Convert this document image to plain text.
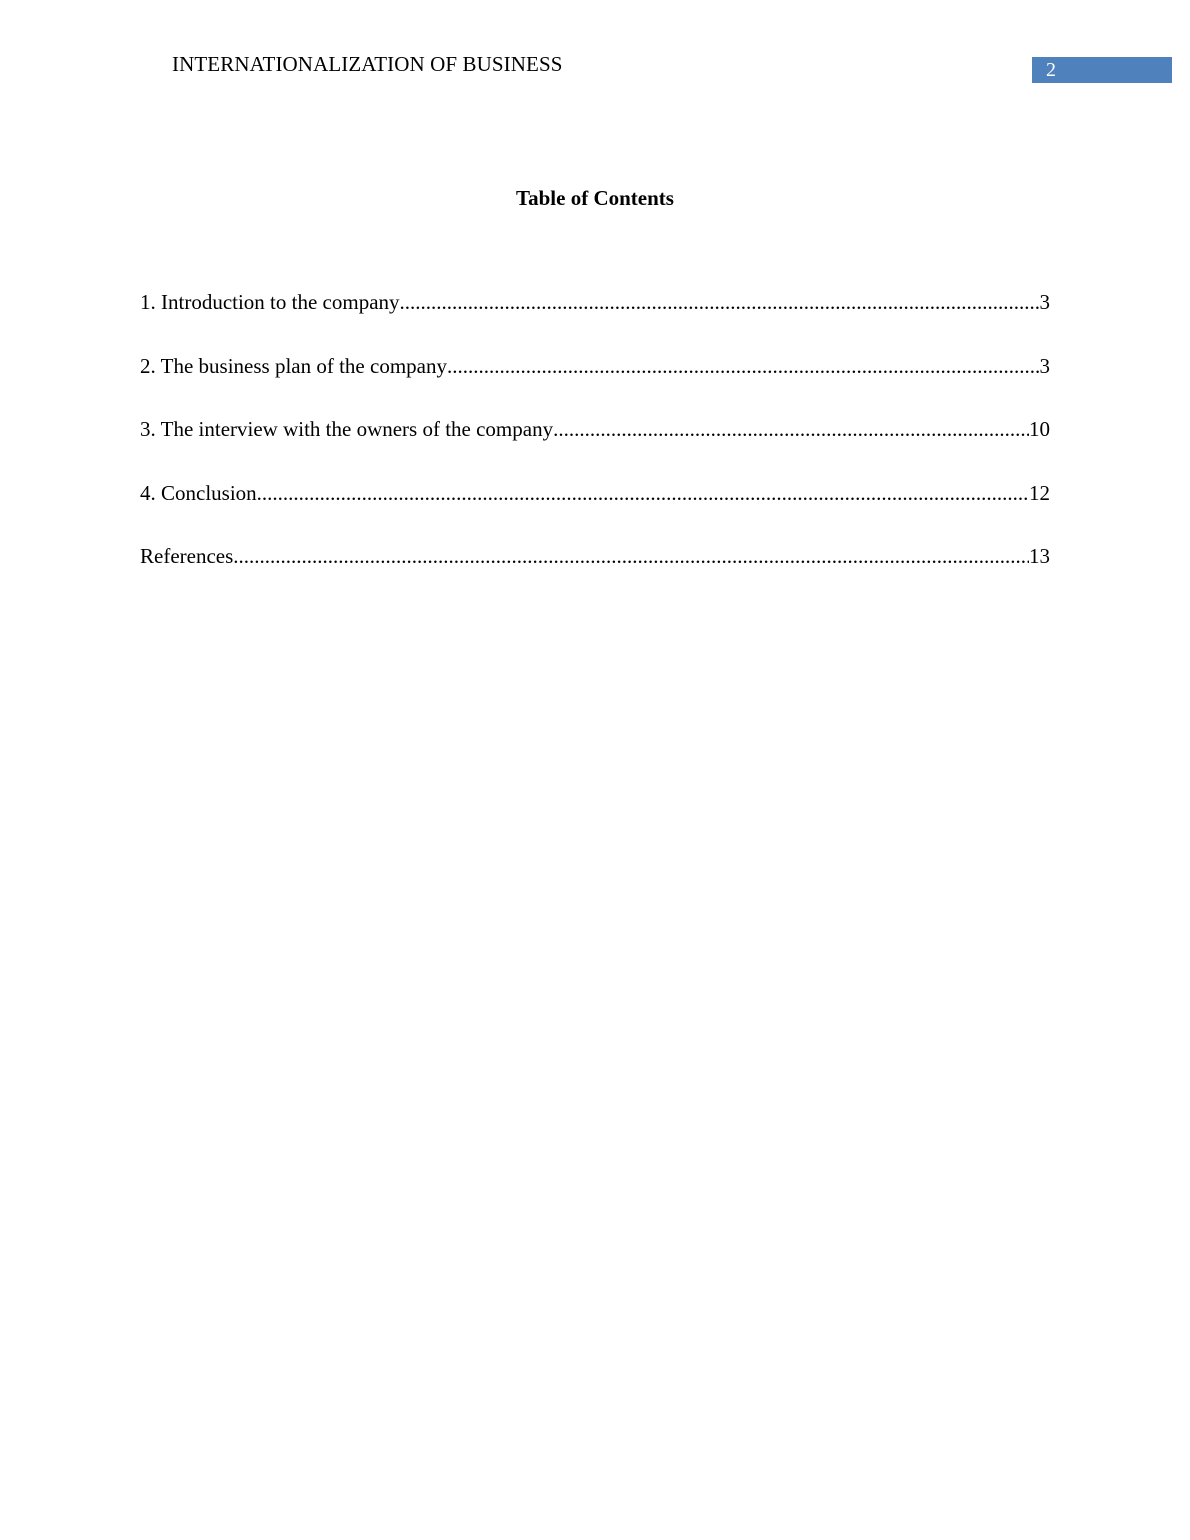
INTERNATIONALIZATION OF BUSINESS	2
Table of Contents
1. Introduction to the company .....	3
2. The business plan of the company .....	3
3. The interview with the owners of the company .....	10
4. Conclusion .....	12
References .....	13
